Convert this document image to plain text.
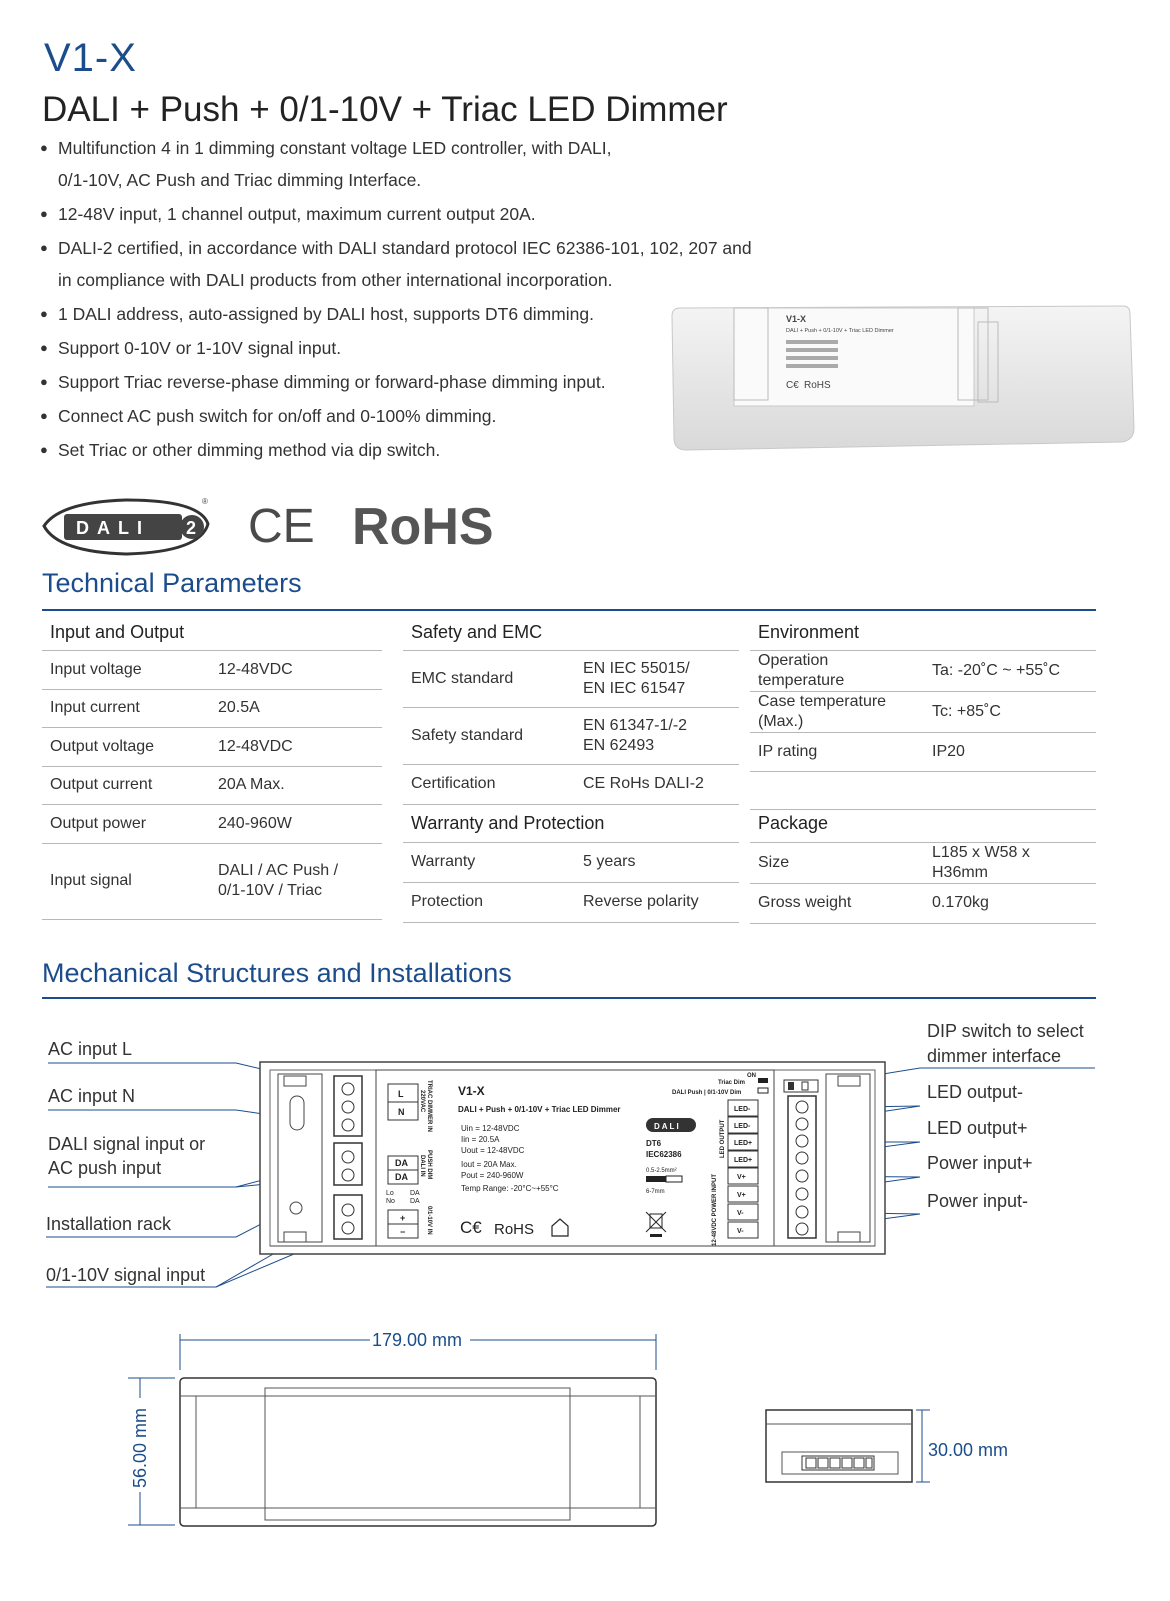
V1-X
DALI + Push + 0/1-10V + Triac LED Dimmer
● Multifunction 4 in 1 dimming constant voltage LED controller, with DALI, 0/1-10V, AC Push and Triac dimming Interface.
● 12-48V input, 1 channel output, maximum current output 20A.
● DALI-2 certified, in accordance with DALI standard protocol IEC 62386-101, 102, 207 and in compliance with DALI products from other international incorporation.
● 1 DALI address, auto-assigned by DALI host, supports DT6 dimming.
● Support 0-10V or 1-10V signal input.
● Support Triac reverse-phase dimming or forward-phase dimming input.
● Connect AC push switch for on/off and 0-100% dimming.
● Set Triac or other dimming method via dip switch.
V1-X
DALI + Push + 0/1-10V + Triac LED Dimmer
C€ RoHS
DALI 2
® CE RoHS
Technical Parameters
Input and Output	
Input voltage	12-48VDC
Input current	20.5A
Output voltage	12-48VDC
Output current	20A Max.
Output power	240-960W
Input signal	DALI / AC Push /
0/1-10V / Triac
Safety and EMC	
EMC standard	EN IEC 55015/
EN IEC 61547

Safety standard	EN 61347-1/-2
EN 62493

Certification	CE RoHs DALI-2
Warranty and Protection	
Warranty	5 years
Protection	Reverse polarity
Environment	
Operation temperature	Ta: -20˚C ~ +55˚C
Case temperature (Max.)	Tc: +85˚C
IP rating	IP20

Package	
Size	L185 x W58 x H36mm
Gross weight	0.170kg
Mechanical Structures and Installations
AC input L
AC input N
DALI signal input or
AC push input
Installation rack
0/1-10V signal input
DIP switch to select
dimmer interface
LED output-
LED output+
Power input+
Power input-
L
N
DA
DA
Lo
No
DA
DA
+
−
TRIAC DIMMER IN
220VAC
PUSH DIM
DALI IN
0/1-10V IN
V1-X
DALI + Push + 0/1-10V + Triac LED Dimmer
Uin = 12-48VDC
Iin = 20.5A
Uout = 12-48VDC
Iout = 20A Max.
Pout = 240-960W
Temp Range: -20°C~+55°C
C€ RoHS
DALI
DT6
IEC62386
0.5-2.5mm²
6-7mm
Triac Dim
DALI Push | 0/1-10V Dim
ON
LED OUTPUT
12-48VDC POWER INPUT
LED-
LED-
LED+
LED+
V+
V+
V-
V-
179.00 mm
56.00 mm	30.00 mm
